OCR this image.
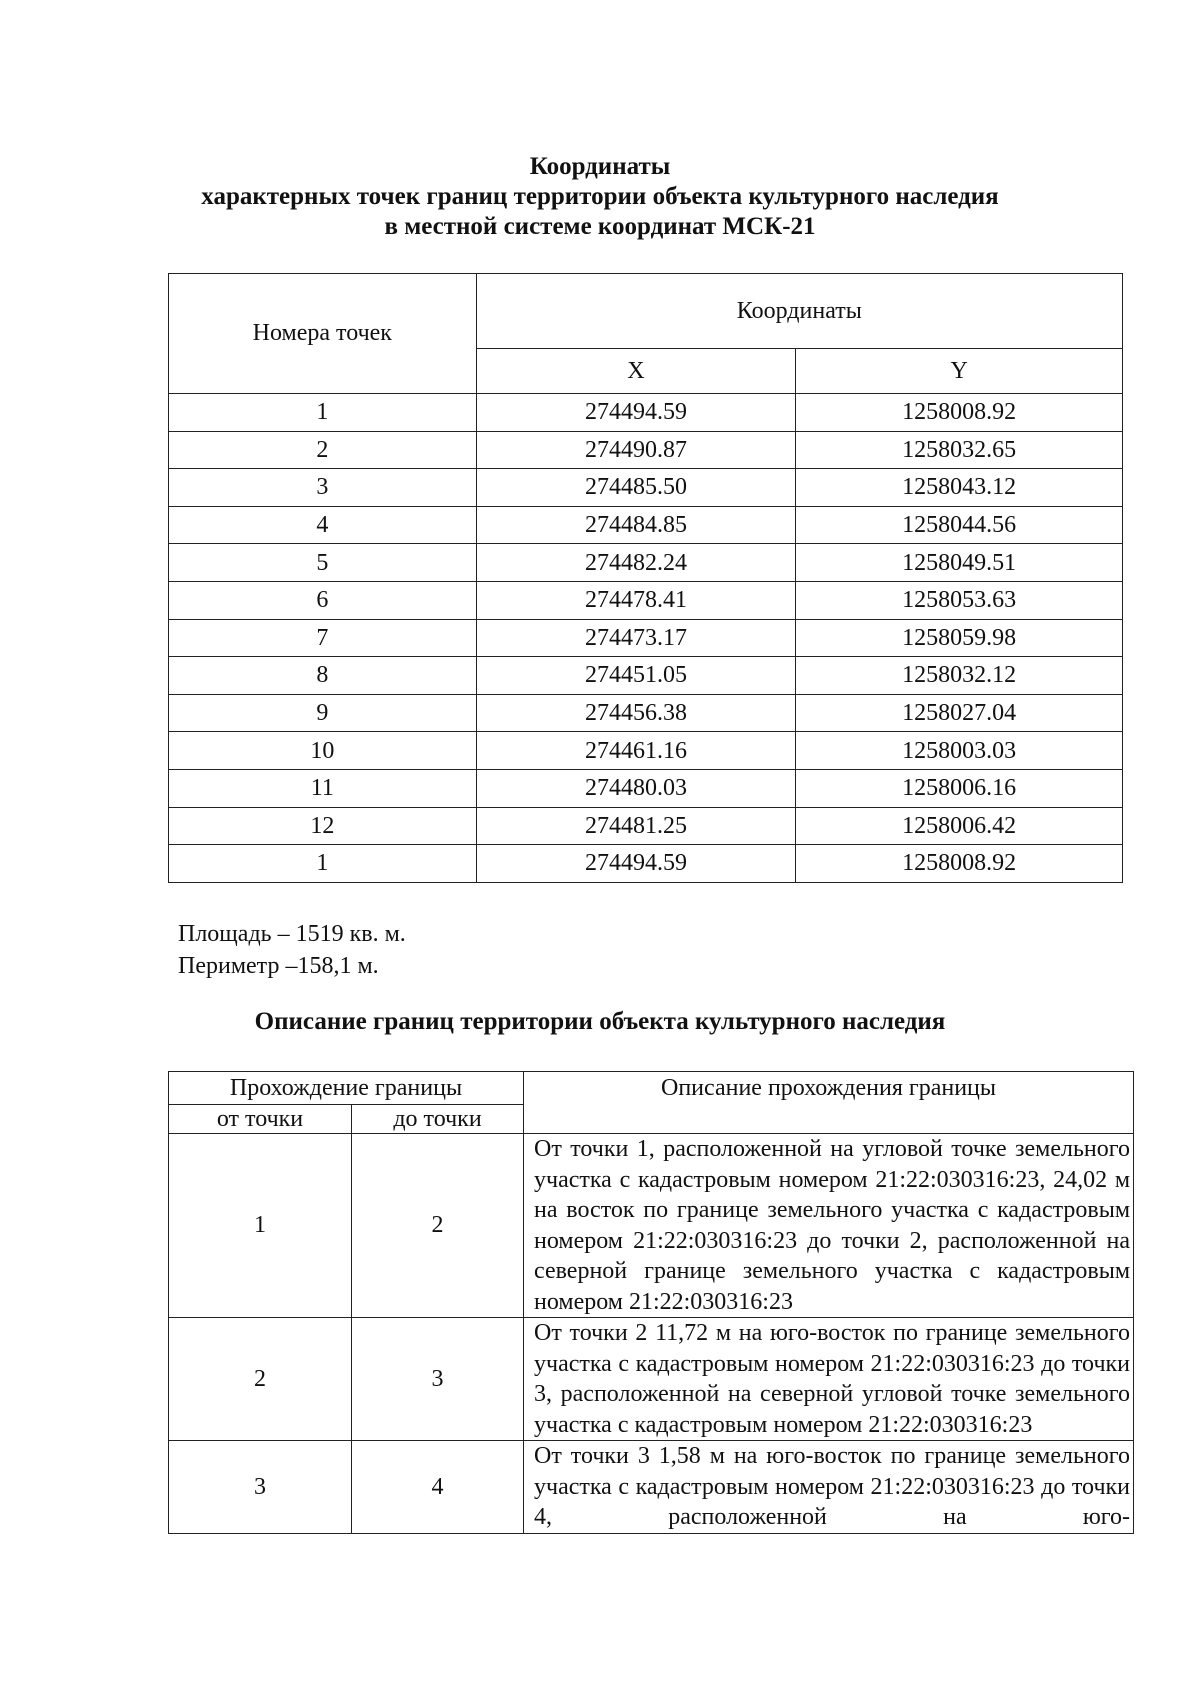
Координаты
характерных точек границ территории объекта культурного наследия
в местной системе координат МСК-21
Номера точек	Координаты	
	X	Y
1	274494.59	1258008.92
2	274490.87	1258032.65
3	274485.50	1258043.12
4	274484.85	1258044.56
5	274482.24	1258049.51
6	274478.41	1258053.63
7	274473.17	1258059.98
8	274451.05	1258032.12
9	274456.38	1258027.04
10	274461.16	1258003.03
11	274480.03	1258006.16
12	274481.25	1258006.42
1	274494.59	1258008.92
Площадь – 1519 кв. м.
Периметр –158,1 м.
Описание границ территории объекта культурного наследия
Прохождение границы		Описание прохождения границы
от точки	до точки	
1	2	От точки 1, расположенной на угловой точке земельного участка с кадастровым номером 21:22:030316:23, 24,02 м на восток по границе земельного участка с кадастровым номером 21:22:030316:23 до точки 2, расположенной на северной границе земельного участка с кадастровым номером 21:22:030316:23
2	3	От точки 2 11,72 м на юго-восток по границе земельного участка с кадастровым номером 21:22:030316:23 до точки 3, расположенной на северной угловой точке земельного участка с кадастровым номером 21:22:030316:23
3	4	От точки 3 1,58 м на юго-восток по границе земельного участка с кадастровым номером 21:22:030316:23 до точки 4, расположенной на юго-
